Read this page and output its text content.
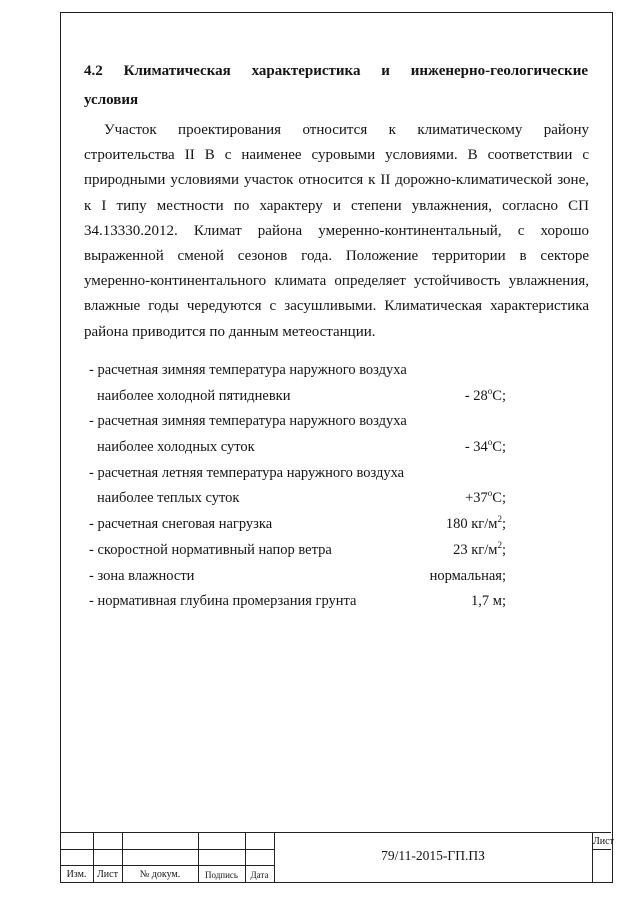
4.2 Климатическая характеристика и инженерно-геологические
условия
Участок проектирования относится к климатическому району
строительства II В с наименее суровыми условиями. В соответствии с
природными условиями участок относится к II дорожно-климатической зоне,
к I типу местности по характеру и степени увлажнения, согласно СП
34.13330.2012. Климат района умеренно-континентальный, с хорошо
выраженной сменой сезонов года. Положение территории в секторе
умеренно-континентального климата определяет устойчивость увлажнения,
влажные годы чередуются с засушливыми. Климатическая характеристика
района приводится по данным метеостанции.
- расчетная зимняя температура наружного воздуха
наиболее холодной пятидневки	- $28^оС$;
- расчетная зимняя температура наружного воздуха
наиболее холодных суток	- $34^оС$;
- расчетная летняя температура наружного воздуха
наиболее теплых суток	$+37^оС$;
- расчетная снеговая нагрузка	180 $кг/м^2$;
- скоростной нормативный напор ветра	23 $кг/м^2$;
- зона влажности	нормальная;
- нормативная глубина промерзания грунта	1,7 м;
Изм.	Лист	№ докум.	Подпись	Дата
79/11-2015-ГП.ПЗ
Лист
